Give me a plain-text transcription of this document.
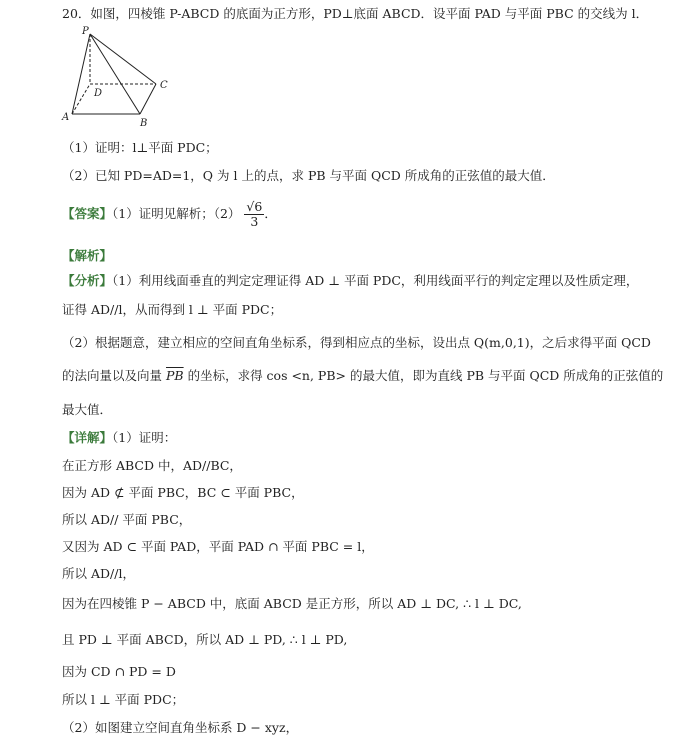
20．如图，四棱锥 P-ABCD 的底面为正方形，PD⊥底面 ABCD．设平面 PAD 与平面 PBC 的交线为 l．
P
D
C
A
B
（1）证明：l⊥平面 PDC；
（2）已知 PD=AD=1，Q 为 l 上的点，求 PB 与平面 QCD 所成角的正弦值的最大值．
【答案】（1）证明见解析；$(2) \frac{√6}{3}$ ．
【解析】
【分析】（1）利用线面垂直的判定定理证得 AD ⊥ 平面 PDC，利用线面平行的判定定理以及性质定理，
证得 AD//l，从而得到 l ⊥ 平面 PDC；
（2）根据题意，建立相应的空间直角坐标系，得到相应点的坐标，设出点 Q(m,0,1)，之后求得平面 QCD
的法向量以及向量 $\overline{PB}$ 的坐标，求得 cos <n, PB> 的最大值，即为直线 PB 与平面 QCD 所成角的正弦值的
最大值．
【详解】（1）证明：
在正方形 ABCD 中，AD//BC，
因为 AD ⊄ 平面 PBC，BC ⊂ 平面 PBC，
所以 AD// 平面 PBC，
又因为 AD ⊂ 平面 PAD，平面 PAD ∩ 平面 PBC = l，
所以 AD//l，
因为在四棱锥 P − ABCD 中，底面 ABCD 是正方形，所以 AD ⊥ DC, ∴ l ⊥ DC,
且 PD ⊥ 平面 ABCD，所以 AD ⊥ PD, ∴ l ⊥ PD,
因为 CD ∩ PD = D
所以 l ⊥ 平面 PDC；
（2）如图建立空间直角坐标系 D − xyz，
